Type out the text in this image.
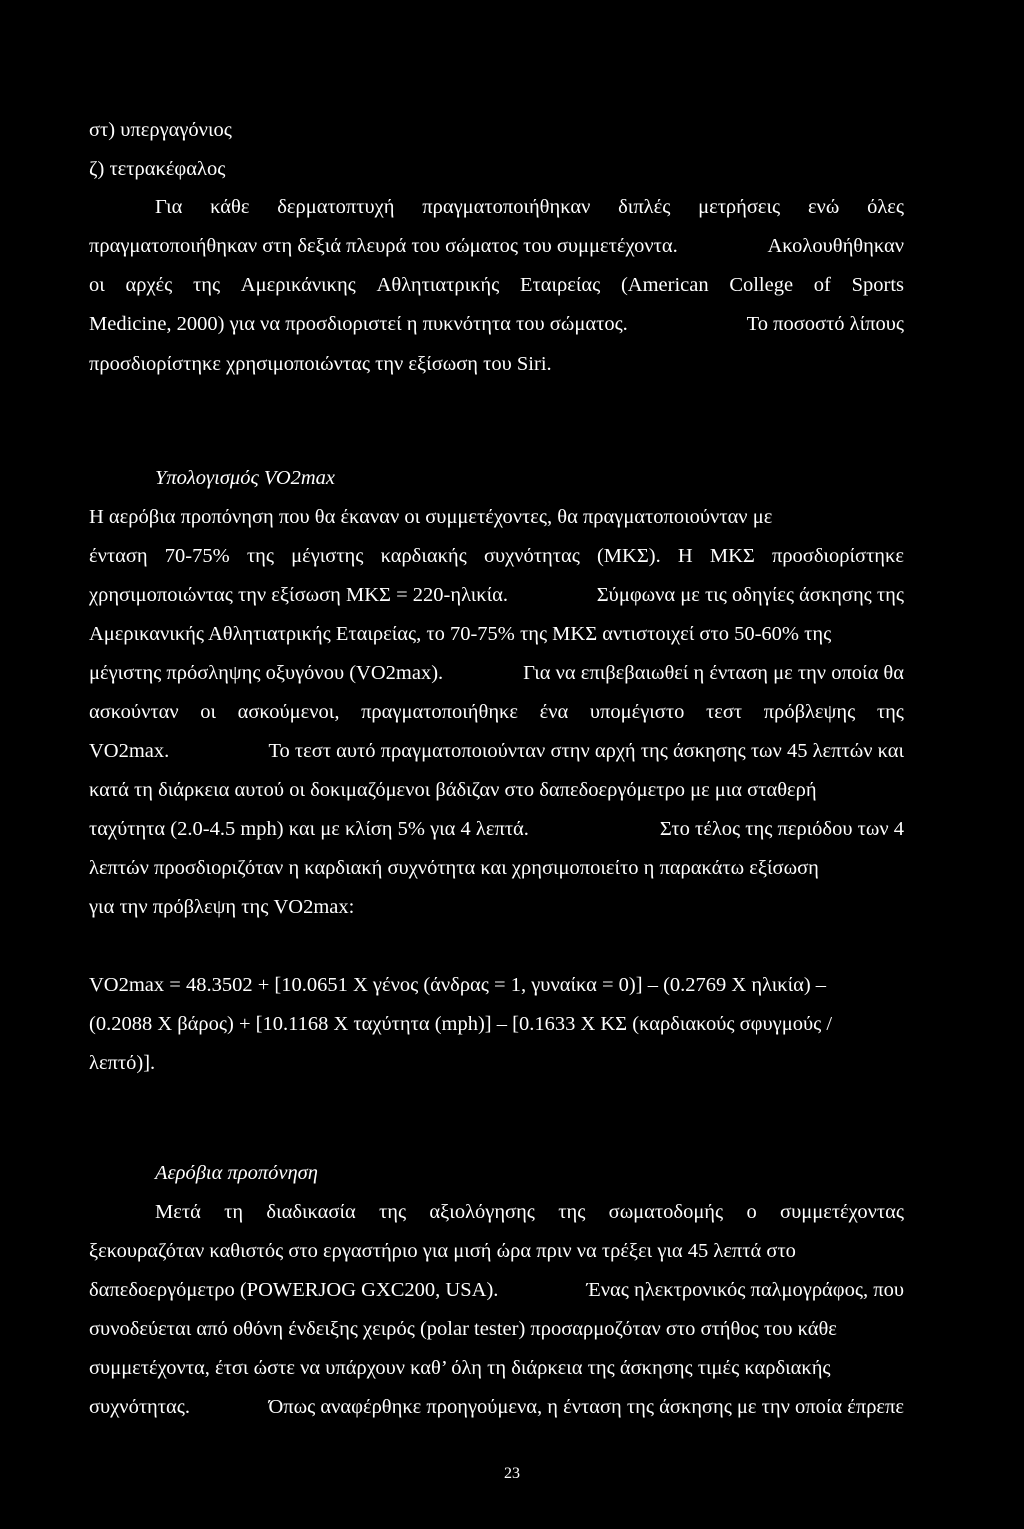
στ) υπεργαγόνιος
ζ) τετρακέφαλος
Για κάθε δερματοπτυχή πραγματοποιήθηκαν διπλές μετρήσεις ενώ όλες
πραγματοποιήθηκαν στη δεξιά πλευρά του σώματος του συμμετέχοντα.	Ακολουθήθηκαν
οι αρχές της Αμερικάνικης Αθλητιατρικής Εταιρείας (American College of Sports
Medicine, 2000) για να προσδιοριστεί η πυκνότητα του σώματος.	Το ποσοστό λίπους
προσδιορίστηκε χρησιμοποιώντας την εξίσωση του Siri.
Υπολογισμός VO2max
Η αερόβια προπόνηση που θα έκαναν οι συμμετέχοντες, θα πραγματοποιούνταν με
ένταση 70-75% της μέγιστης καρδιακής συχνότητας (ΜΚΣ). Η ΜΚΣ προσδιορίστηκε
χρησιμοποιώντας την εξίσωση ΜΚΣ = 220-ηλικία.	Σύμφωνα με τις οδηγίες άσκησης της
Αμερικανικής Αθλητιατρικής Εταιρείας, το 70-75% της ΜΚΣ αντιστοιχεί στο 50-60% της
μέγιστης πρόσληψης οξυγόνου (VO2max).	Για να επιβεβαιωθεί η ένταση με την οποία θα
ασκούνταν οι ασκούμενοι, πραγματοποιήθηκε ένα υπομέγιστο τεστ πρόβλεψης της
VO2max.	Το τεστ αυτό πραγματοποιούνταν στην αρχή της άσκησης των 45 λεπτών και
κατά τη διάρκεια αυτού οι δοκιμαζόμενοι βάδιζαν στο δαπεδοεργόμετρο με μια σταθερή
ταχύτητα (2.0-4.5 mph) και με κλίση 5% για 4 λεπτά.	Στο τέλος της περιόδου των 4
λεπτών προσδιοριζόταν η καρδιακή συχνότητα και χρησιμοποιείτο η παρακάτω εξίσωση
για την πρόβλεψη της VO2max:
VO2max = 48.3502 + [10.0651 Χ γένος (άνδρας = 1, γυναίκα = 0)] – (0.2769 Χ ηλικία) –
(0.2088 Χ βάρος) + [10.1168 Χ ταχύτητα (mph)] – [0.1633 Χ ΚΣ (καρδιακούς σφυγμούς /
λεπτό)].
Αερόβια προπόνηση
Μετά τη διαδικασία της αξιολόγησης της σωματοδομής ο συμμετέχοντας
ξεκουραζόταν καθιστός στο εργαστήριο για μισή ώρα πριν να τρέξει για 45 λεπτά στο
δαπεδοεργόμετρο (POWERJOG GXC200, USA).	Ένας ηλεκτρονικός παλμογράφος, που
συνοδεύεται από οθόνη ένδειξης χειρός (polar tester) προσαρμοζόταν στο στήθος του κάθε
συμμετέχοντα, έτσι ώστε να υπάρχουν καθ’ όλη τη διάρκεια της άσκησης τιμές καρδιακής
συχνότητας.	Όπως αναφέρθηκε προηγούμενα, η ένταση της άσκησης με την οποία έπρεπε
23
